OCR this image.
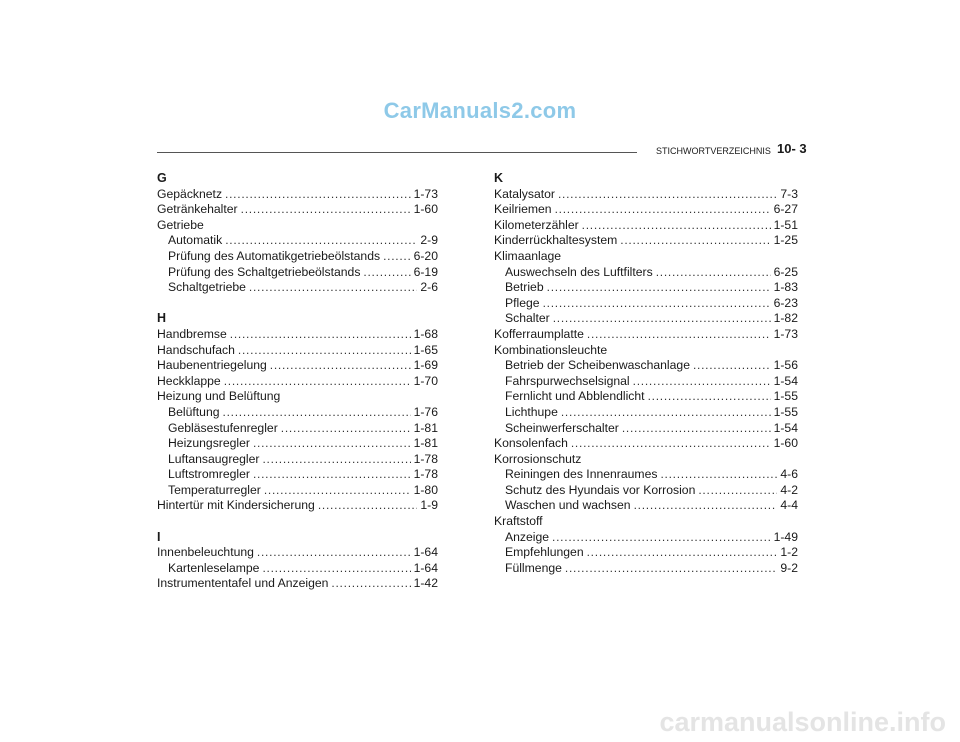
CarManuals2.com
STICHWORTVERZEICHNIS 10- 3
G
Gepäcknetz . . .	1-73
Getränkehalter . . .	1-60
Getriebe
Automatik . . .	2-9
Prüfung des Automatikgetriebeölstands . . .	6-20
Prüfung des Schaltgetriebeölstands . . .	6-19
Schaltgetriebe . . .	2-6
H
Handbremse . . .	1-68
Handschufach . . .	1-65
Haubenentriegelung . . .	1-69
Heckklappe . . .	1-70
Heizung und Belüftung
Belüftung . . .	1-76
Gebläsestufenregler . . .	1-81
Heizungsregler . . .	1-81
Luftansaugregler . . .	1-78
Luftstromregler . . .	1-78
Temperaturregler . . .	1-80
Hintertür mit Kindersicherung . . .	1-9
I
Innenbeleuchtung . . .	1-64
Kartenleselampe . . .	1-64
Instrumententafel und Anzeigen . . .	1-42
K
Katalysator . . .	7-3
Keilriemen . . .	6-27
Kilometerzähler . . .	1-51
Kinderrückhaltesystem . . .	1-25
Klimaanlage
Auswechseln des Luftfilters . . .	6-25
Betrieb . . .	1-83
Pflege . . .	6-23
Schalter . . .	1-82
Kofferraumplatte . . .	1-73
Kombinationsleuchte
Betrieb der Scheibenwaschanlage . . .	1-56
Fahrspurwechselsignal . . .	1-54
Fernlicht und Abblendlicht . . .	1-55
Lichthupe . . .	1-55
Scheinwerferschalter . . .	1-54
Konsolenfach . . .	1-60
Korrosionschutz
Reiningen des Innenraumes . . .	4-6
Schutz des Hyundais vor Korrosion . . .	4-2
Waschen und wachsen . . .	4-4
Kraftstoff
Anzeige . . .	1-49
Empfehlungen . . .	1-2
Füllmenge . . .	9-2
carmanualsonline.info
